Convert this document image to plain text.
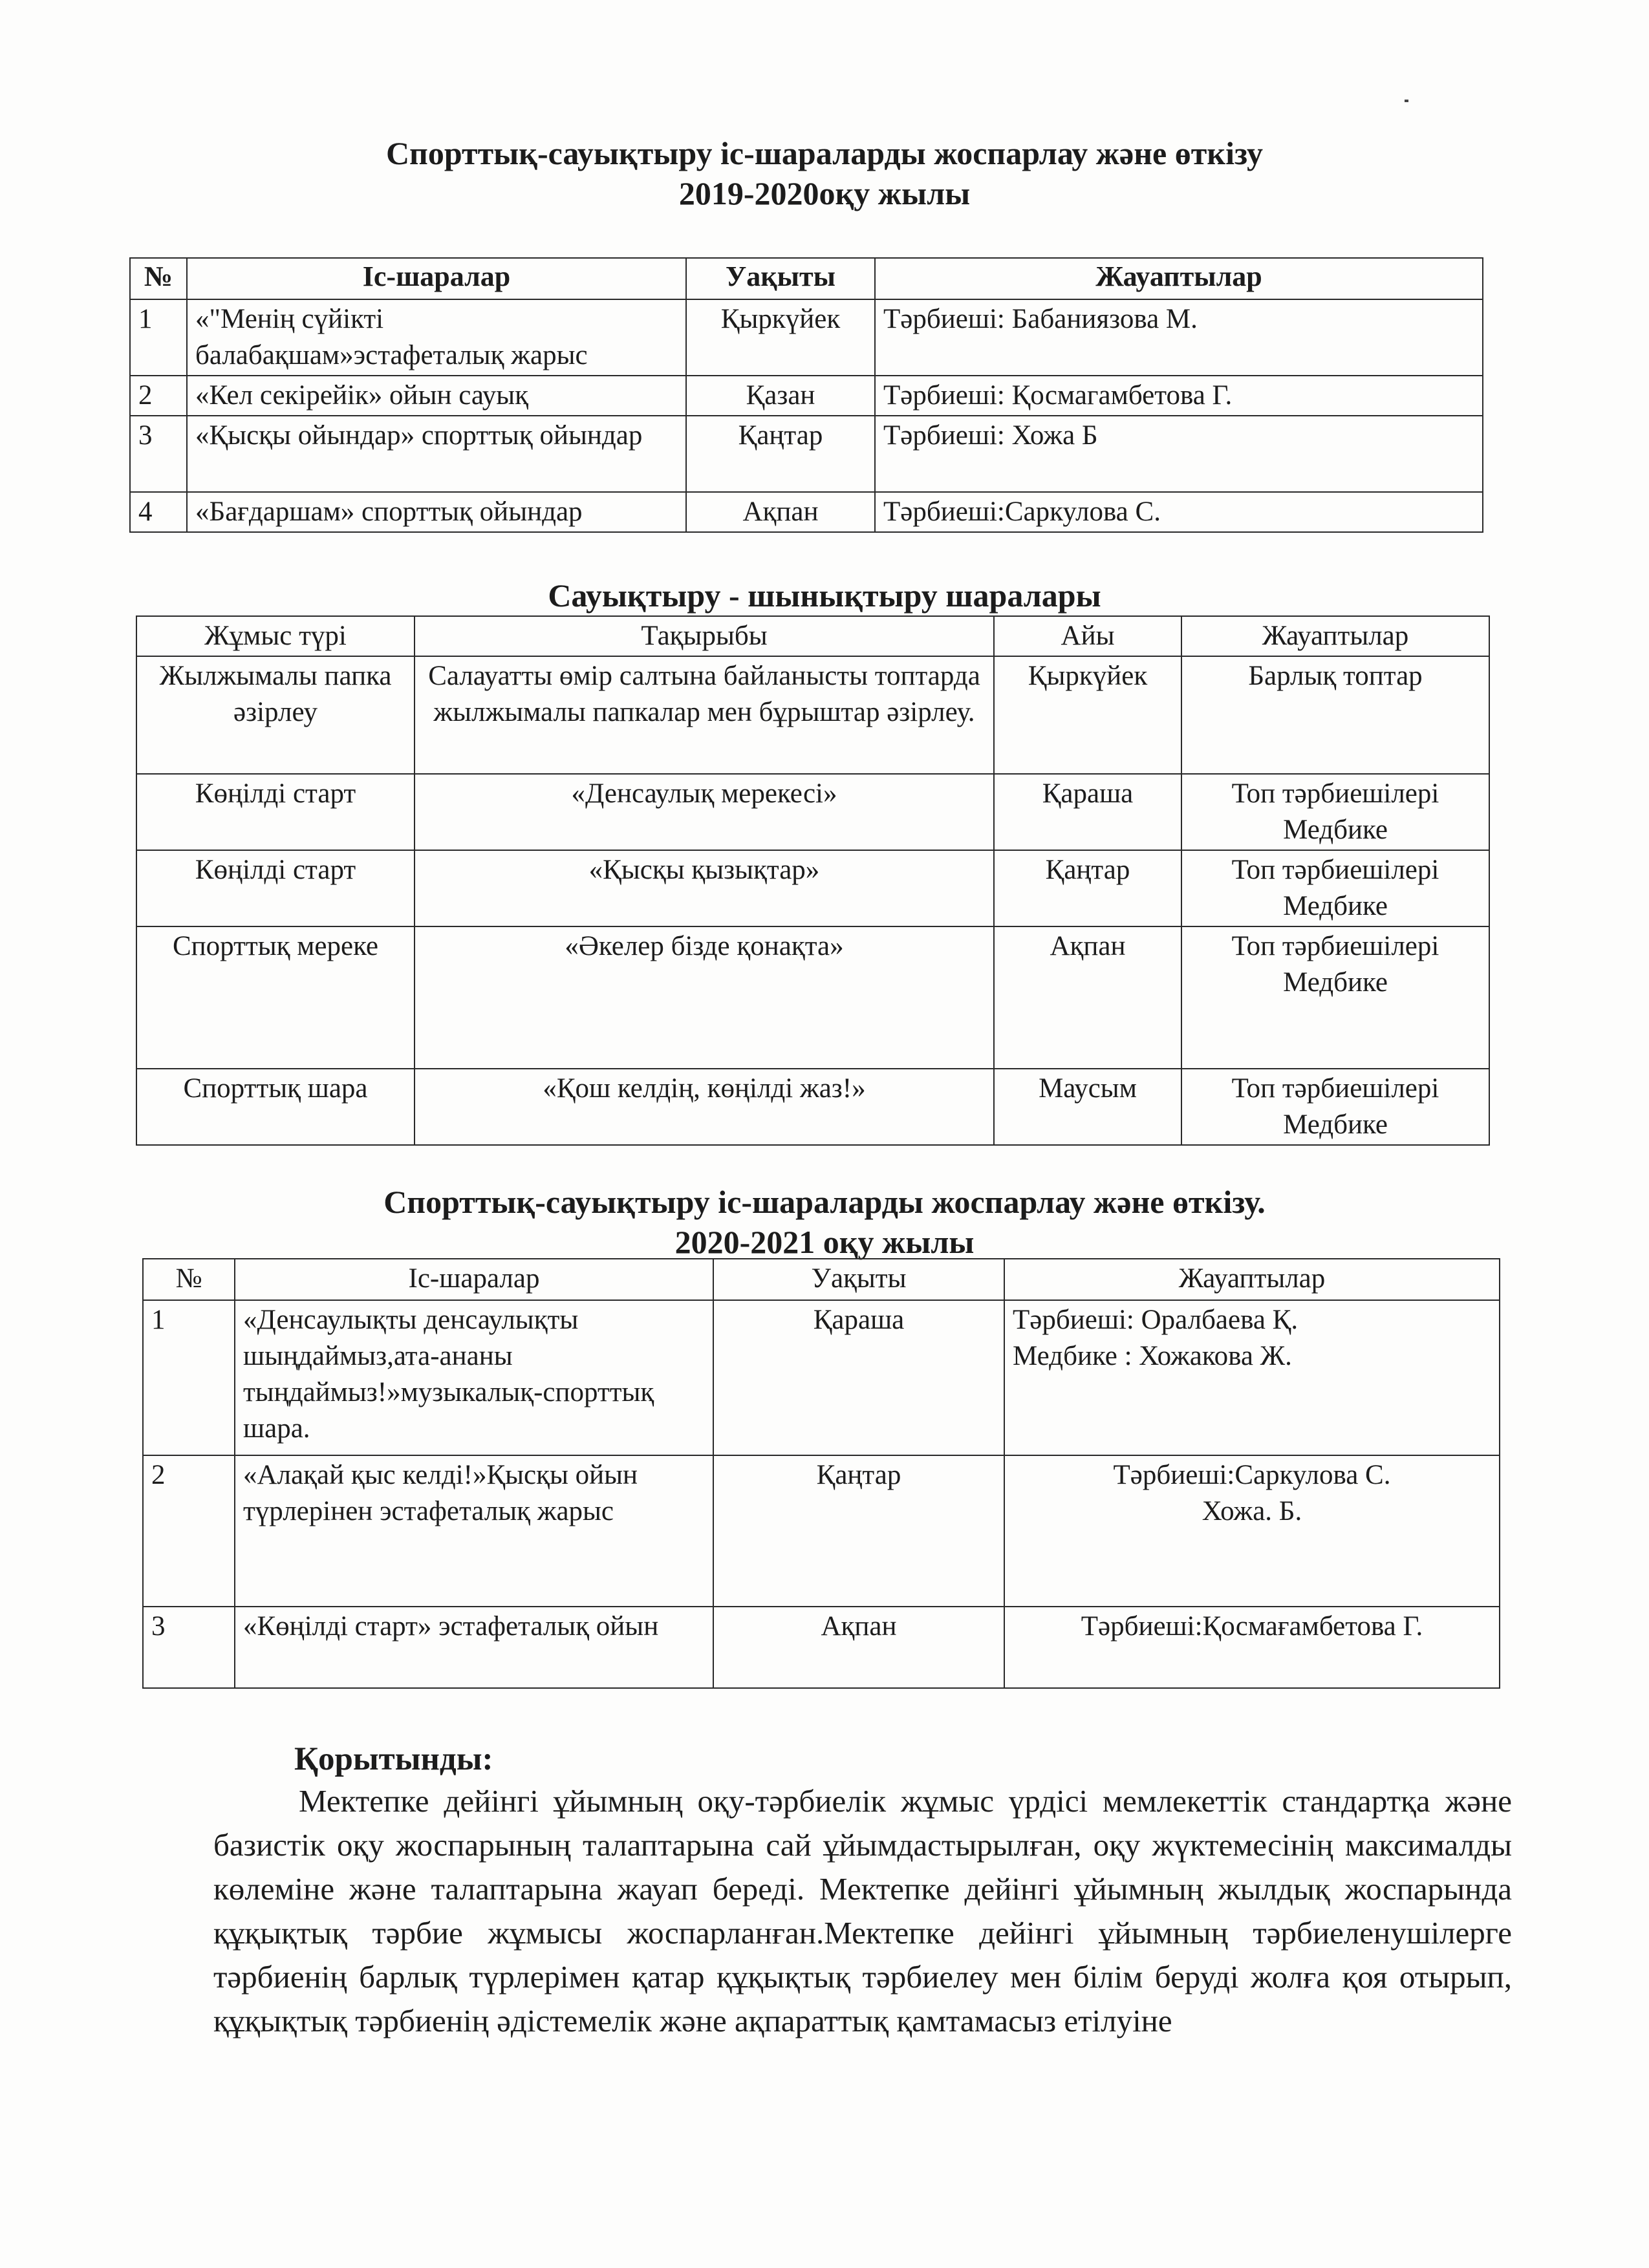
Спорттық-сауықтыру іс-шараларды жоспарлау және өткізу
2019-2020оқу жылы
№	Іс-шаралар	Уақыты	Жауаптылар
1	«"Менің сүйікті балабақшам»эстафеталық жарыс	Қыркүйек	Тәрбиеші: Бабаниязова М.
2	«Кел секірейік» ойын сауық	Қазан	Тәрбиеші: Қосмагамбетова Г.
3	«Қысқы ойындар» спорттық ойындар	Қаңтар	Тәрбиеші: Хожа Б
4	«Бағдаршам» спорттық ойындар	Ақпан	Тәрбиеші:Саркулова С.
Сауықтыру - шынықтыру шаралары
Жұмыс түрі	Тақырыбы	Айы	Жауаптылар
Жылжымалы папка әзірлеу	Салауатты өмір салтына байланысты топтарда жылжымалы папкалар мен бұрыштар әзірлеу.	Қыркүйек	Барлық топтар

Көңілді старт	«Денсаулық мерекесі»	Қараша	Топ тәрбиешілері
Медбике

Көңілді старт	«Қысқы қызықтар»	Қаңтар	Топ тәрбиешілері
Медбике

Спорттық мереке	«Әкелер бізде қонақта»	Ақпан	Топ тәрбиешілері
Медбике

Спорттық шара	«Қош келдің, көңілді жаз!»	Маусым	Топ тәрбиешілері
Медбике
Спорттық-сауықтыру іс-шараларды жоспарлау және өткізу.
2020-2021 оқу жылы
№	Іс-шаралар	Уақыты	Жауаптылар
1	«Денсаулықты денсаулықты шыңдаймыз,ата-ананы тыңдаймыз!»музыкалық-спорттық шара.	Қараша	Тәрбиеші: Оралбаева Қ.
Медбике : Хожакова Ж.

2	«Алақай қыс келді!»Қысқы ойын түрлерінен эстафеталық жарыс	Қаңтар	Тәрбиеші:Саркулова С.
Хожа. Б.

3	«Көңілді старт» эстафеталық ойын	Ақпан	Тәрбиеші:Қосмағамбетова Г.
Қорытынды:
Мектепке дейінгі ұйымның оқу-тәрбиелік жұмыс үрдісі мемлекеттік стандартқа және базистік оқу жоспарының талаптарына сай ұйымдастырылған, оқу жүктемесінің максималды көлеміне және талаптарына жауап береді. Мектепке дейінгі ұйымның жылдық жоспарында құқықтық тәрбие жұмысы жоспарланған.Мектепке дейінгі ұйымның тәрбиеленушілерге тәрбиенің барлық түрлерімен қатар құқықтық тәрбиелеу мен білім беруді жолға қоя отырып, құқықтық тәрбиенің әдістемелік және ақпараттық қамтамасыз етілуіне
